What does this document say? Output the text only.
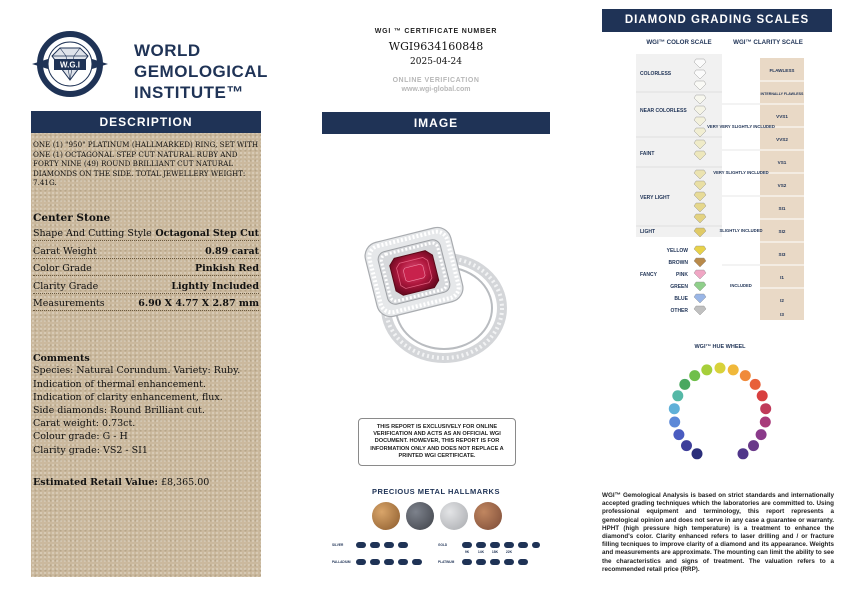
W.G.I
WORLD
GEMOLOGICAL
INSTITUTE™
DESCRIPTION
ONE (1) "950" PLATINUM (HALLMARKED) RING, SET WITH ONE (1) OCTAGONAL STEP CUT NATURAL RUBY AND FORTY NINE (49) ROUND BRILLIANT CUT NATURAL DIAMONDS ON THE SIDE. TOTAL JEWELLERY WEIGHT: 7.41G.
Center Stone
Shape And Cutting Style Octagonal Step Cut
Carat Weight	0.89 carat
Color Grade	Pinkish Red
Clarity Grade	Lightly Included
Measurements	6.90 X 4.77 X 2.87 mm
Comments
Species: Natural Corundum. Variety: Ruby.
Indication of thermal enhancement.
Indication of clarity enhancement, flux.
Side diamonds: Round Brilliant cut.
Carat weight: 0.73ct.
Colour grade: G - H
Clarity grade: VS2 - SI1
Estimated Retail Value: £8,365.00
WGI ™ CERTIFICATE NUMBER
WGI9634160848
2025-04-24
ONLINE VERIFICATION
www.wgi-global.com
IMAGE
THIS REPORT IS EXCLUSIVELY FOR ONLINE VERIFICATION AND ACTS AS AN OFFICIAL WGI DOCUMENT. HOWEVER, THIS REPORT IS FOR INFORMATION ONLY AND DOES NOT REPLACE A PRINTED WGI CERTIFICATE.
PRECIOUS METAL HALLMARKS
SILVER
PALLADIUM
GOLD
PLATINUM
9K	14K 18K 22K
DIAMOND GRADING SCALES
WGI™ COLOR SCALE	WGI™ CLARITY SCALE
COLORLESS
NEAR COLORLESS
FAINT
VERY LIGHT
LIGHT
FANCY
YELLOW
BROWN
PINK
GREEN
BLUE
OTHER
FLAWLESS
INTERNALLY FLAWLESS
VVS1
VVS2
VS1
VS2
SI1
SI2
SI3
I1
I2
I3
VERY VERY SLIGHTLY INCLUDED
VERY SLIGHTLY INCLUDED
SLIGHTLY INCLUDED
INCLUDED
WGI™ HUE WHEEL
WGI™ Gemological Analysis is based on strict standards and internationally accepted grading techniques which the laboratories are committed to. Using professional equipment and terminology, this report represents a gemological opinion and does not serve in any case a guarantee or warranty. HPHT (high pressure high temperature) is a treatment to enhance the diamond's color. Clarity enhanced refers to laser drilling and / or fracture filling tecniques to improve clarity of a diamond and its appearance. Weights and measurements are approximate. The mounting can limit the ability to see the characteristics and signs of treatment. The valuation refers to a recommended retail price (RRP).
